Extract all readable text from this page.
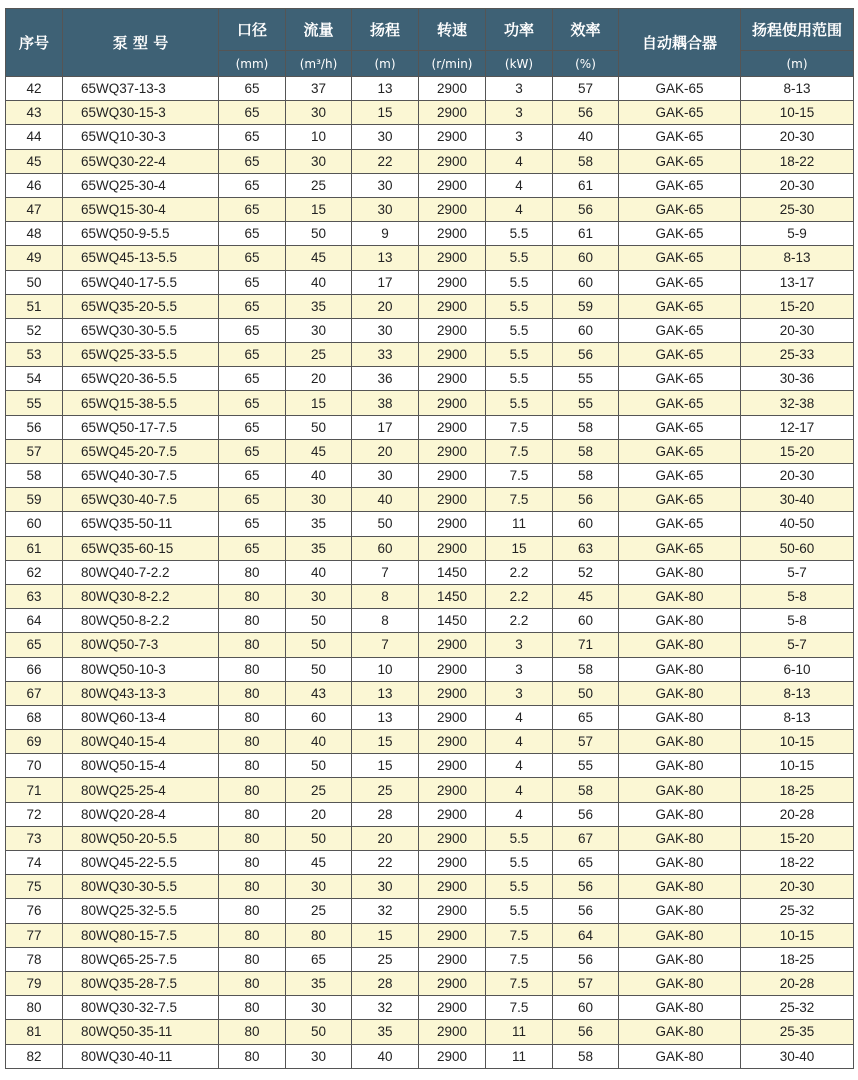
序号	泵 型 号	口径	流量	扬程	转速	功率	效率	自动耦合器	扬程使用范围
		(mm)	(m³/h)	(m)	(r/min)	(kW)	(%)		(m)
42	65WQ37-13-3	65	37	13	2900	3	57	GAK-65	8-13
43	65WQ30-15-3	65	30	15	2900	3	56	GAK-65	10-15
44	65WQ10-30-3	65	10	30	2900	3	40	GAK-65	20-30
45	65WQ30-22-4	65	30	22	2900	4	58	GAK-65	18-22
46	65WQ25-30-4	65	25	30	2900	4	61	GAK-65	20-30
47	65WQ15-30-4	65	15	30	2900	4	56	GAK-65	25-30
48	65WQ50-9-5.5	65	50	9	2900	5.5	61	GAK-65	5-9
49	65WQ45-13-5.5	65	45	13	2900	5.5	60	GAK-65	8-13
50	65WQ40-17-5.5	65	40	17	2900	5.5	60	GAK-65	13-17
51	65WQ35-20-5.5	65	35	20	2900	5.5	59	GAK-65	15-20
52	65WQ30-30-5.5	65	30	30	2900	5.5	60	GAK-65	20-30
53	65WQ25-33-5.5	65	25	33	2900	5.5	56	GAK-65	25-33
54	65WQ20-36-5.5	65	20	36	2900	5.5	55	GAK-65	30-36
55	65WQ15-38-5.5	65	15	38	2900	5.5	55	GAK-65	32-38
56	65WQ50-17-7.5	65	50	17	2900	7.5	58	GAK-65	12-17
57	65WQ45-20-7.5	65	45	20	2900	7.5	58	GAK-65	15-20
58	65WQ40-30-7.5	65	40	30	2900	7.5	58	GAK-65	20-30
59	65WQ30-40-7.5	65	30	40	2900	7.5	56	GAK-65	30-40
60	65WQ35-50-11	65	35	50	2900	11	60	GAK-65	40-50
61	65WQ35-60-15	65	35	60	2900	15	63	GAK-65	50-60
62	80WQ40-7-2.2	80	40	7	1450	2.2	52	GAK-80	5-7
63	80WQ30-8-2.2	80	30	8	1450	2.2	45	GAK-80	5-8
64	80WQ50-8-2.2	80	50	8	1450	2.2	60	GAK-80	5-8
65	80WQ50-7-3	80	50	7	2900	3	71	GAK-80	5-7
66	80WQ50-10-3	80	50	10	2900	3	58	GAK-80	6-10
67	80WQ43-13-3	80	43	13	2900	3	50	GAK-80	8-13
68	80WQ60-13-4	80	60	13	2900	4	65	GAK-80	8-13
69	80WQ40-15-4	80	40	15	2900	4	57	GAK-80	10-15
70	80WQ50-15-4	80	50	15	2900	4	55	GAK-80	10-15
71	80WQ25-25-4	80	25	25	2900	4	58	GAK-80	18-25
72	80WQ20-28-4	80	20	28	2900	4	56	GAK-80	20-28
73	80WQ50-20-5.5	80	50	20	2900	5.5	67	GAK-80	15-20
74	80WQ45-22-5.5	80	45	22	2900	5.5	65	GAK-80	18-22
75	80WQ30-30-5.5	80	30	30	2900	5.5	56	GAK-80	20-30
76	80WQ25-32-5.5	80	25	32	2900	5.5	56	GAK-80	25-32
77	80WQ80-15-7.5	80	80	15	2900	7.5	64	GAK-80	10-15
78	80WQ65-25-7.5	80	65	25	2900	7.5	56	GAK-80	18-25
79	80WQ35-28-7.5	80	35	28	2900	7.5	57	GAK-80	20-28
80	80WQ30-32-7.5	80	30	32	2900	7.5	60	GAK-80	25-32
81	80WQ50-35-11	80	50	35	2900	11	56	GAK-80	25-35
82	80WQ30-40-11	80	30	40	2900	11	58	GAK-80	30-40
